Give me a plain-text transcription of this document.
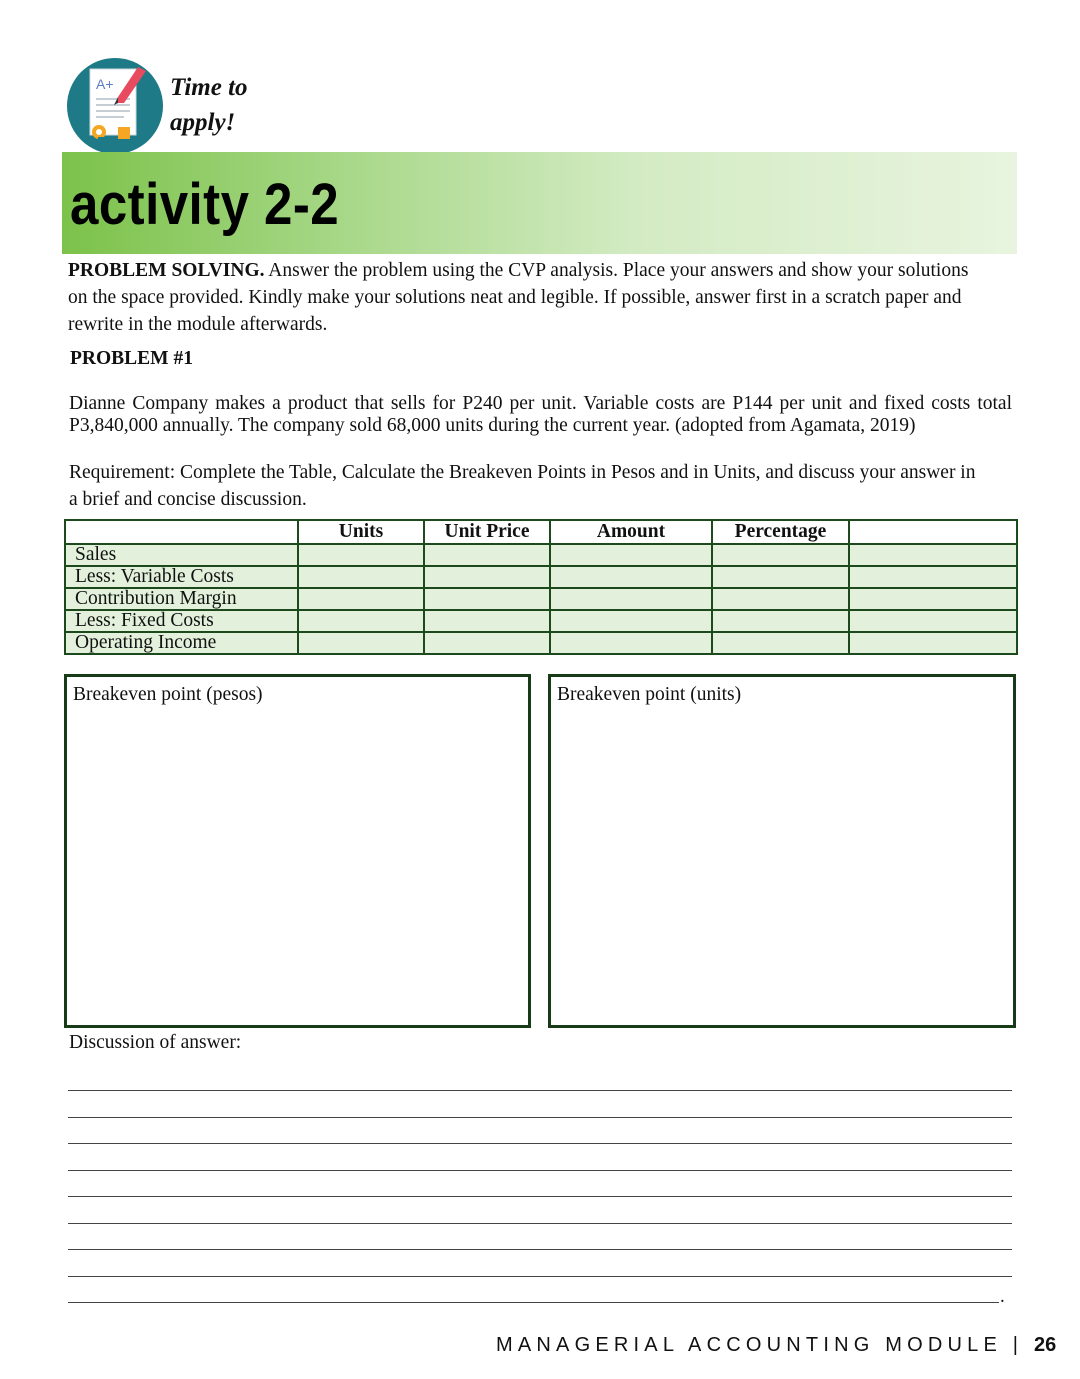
A+ Time to
apply!
activity 2-2

PROBLEM SOLVING. Answer the problem using the CVP analysis. Place your answers and show your solutions on the space provided. Kindly make your solutions neat and legible. If possible, answer first in a scratch paper and rewrite in the module afterwards.

PROBLEM #1

Dianne Company makes a product that sells for P240 per unit. Variable costs are P144 per unit and fixed costs total P3,840,000 annually. The company sold 68,000 units during the current year. (adopted from Agamata, 2019)

Requirement: Complete the Table, Calculate the Breakeven Points in Pesos and in Units, and discuss your answer in a brief and concise discussion.

	Units	Unit Price	Amount	Percentage	
Sales					
Less: Variable Costs					
Contribution Margin					
Less: Fixed Costs					
Operating Income					
Breakeven point (pesos)	Breakeven point (units)

Discussion of answer:

.
MANAGERIAL ACCOUNTING MODULE | 26
